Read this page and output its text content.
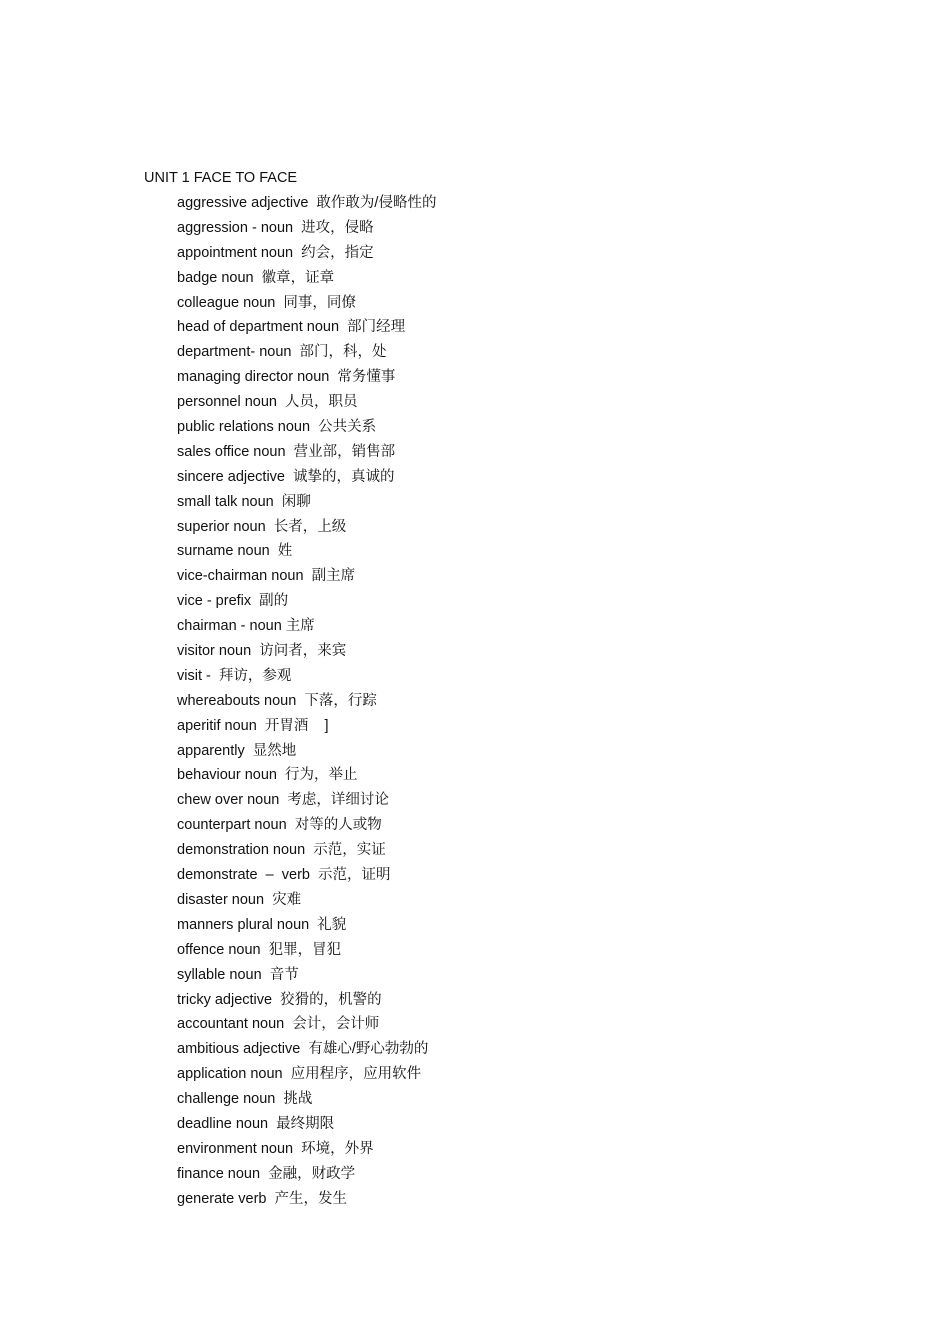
UNIT 1 FACE TO FACE
aggressive adjective  敢作敢为/侵略性的
aggression - noun  进攻，侵略
appointment noun  约会，指定
badge noun  徽章，证章
colleague noun  同事，同僚
head of department noun  部门经理
department- noun  部门，科，处
managing director noun  常务懂事
personnel noun  人员，职员
public relations noun  公共关系
sales office noun  营业部，销售部
sincere adjective  诚挚的，真诚的
small talk noun  闲聊
superior noun  长者，上级
surname noun  姓
vice-chairman noun  副主席
vice - prefix  副的
chairman - noun 主席
visitor noun  访问者，来宾
visit -  拜访，参观
whereabouts noun  下落，行踪
aperitif noun  开胃酒    ]
apparently  显然地
behaviour noun  行为，举止
chew over noun  考虑，详细讨论
counterpart noun  对等的人或物
demonstration noun  示范，实证
demonstrate  –  verb  示范，证明
disaster noun  灾难
manners plural noun  礼貌
offence noun  犯罪，冒犯
syllable noun  音节
tricky adjective  狡猾的，机警的
accountant noun  会计，会计师
ambitious adjective  有雄心/野心勃勃的
application noun  应用程序，应用软件
challenge noun  挑战
deadline noun  最终期限
environment noun  环境，外界
finance noun  金融，财政学
generate verb  产生，发生
